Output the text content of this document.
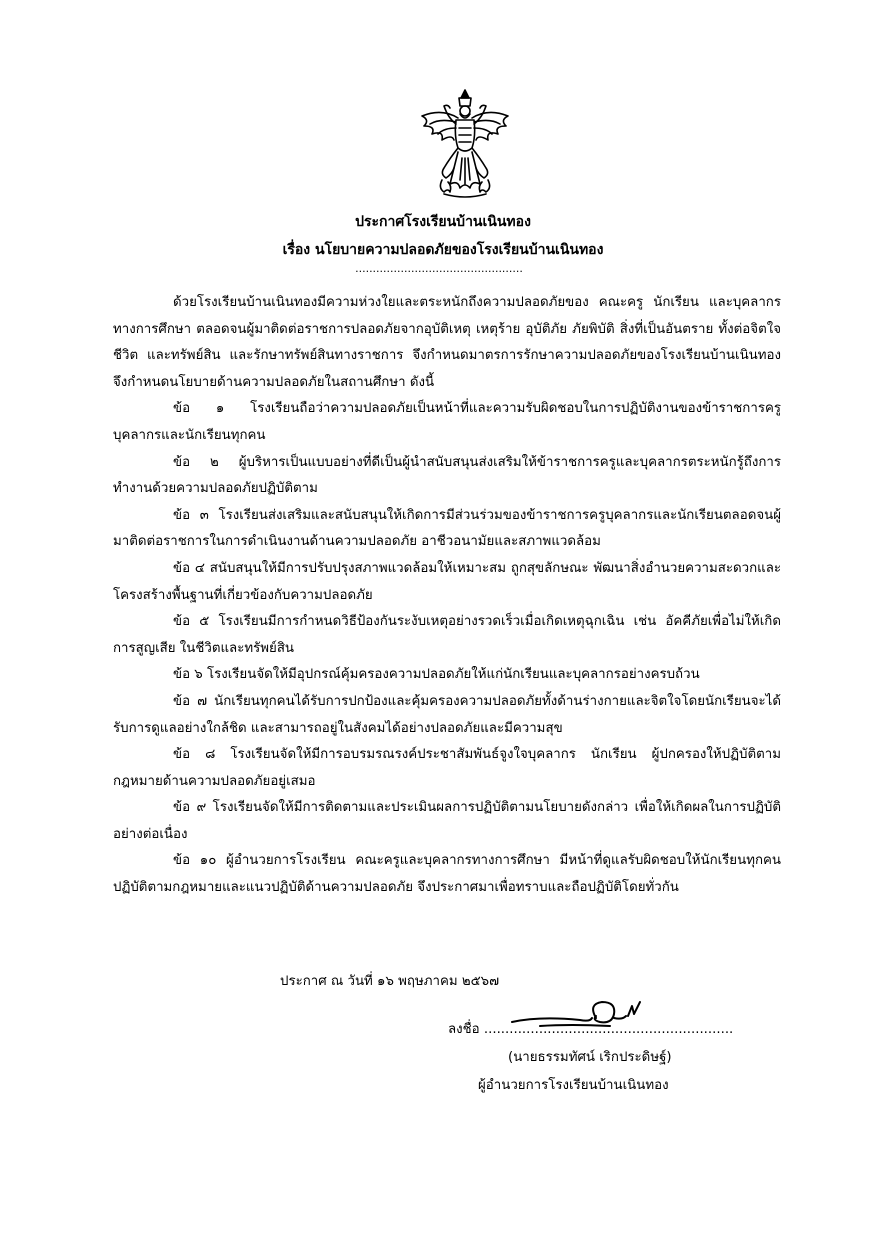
ประกาศโรงเรียนบ้านเนินทอง
เรื่อง นโยบายความปลอดภัยของโรงเรียนบ้านเนินทอง
................................................

ด้วยโรงเรียนบ้านเนินทองมีความห่วงใยและตระหนักถึงความปลอดภัยของ คณะครู นักเรียน และบุคลากรทางการศึกษา ตลอดจนผู้มาติดต่อราชการปลอดภัยจากอุบัติเหตุ เหตุร้าย อุบัติภัย ภัยพิบัติ สิ่งที่เป็นอันตราย ทั้งต่อจิตใจ ชีวิต และทรัพย์สิน และรักษาทรัพย์สินทางราชการ จึงกำหนดมาตรการรักษาความปลอดภัยของโรงเรียนบ้านเนินทอง จึงกำหนดนโยบายด้านความปลอดภัยในสถานศึกษา ดังนี้

ข้อ ๑ โรงเรียนถือว่าความปลอดภัยเป็นหน้าที่และความรับผิดชอบในการปฏิบัติงานของข้าราชการครูบุคลากรและนักเรียนทุกคน

ข้อ ๒ ผู้บริหารเป็นแบบอย่างที่ดีเป็นผู้นำสนับสนุนส่งเสริมให้ข้าราชการครูและบุคลากรตระหนักรู้ถึงการทำงานด้วยความปลอดภัยปฏิบัติตาม

ข้อ ๓ โรงเรียนส่งเสริมและสนับสนุนให้เกิดการมีส่วนร่วมของข้าราชการครูบุคลากรและนักเรียนตลอดจนผู้มาติดต่อราชการในการดำเนินงานด้านความปลอดภัย อาชีวอนามัยและสภาพแวดล้อม

ข้อ ๔ สนับสนุนให้มีการปรับปรุงสภาพแวดล้อมให้เหมาะสม ถูกสุขลักษณะ พัฒนาสิ่งอำนวยความสะดวกและโครงสร้างพื้นฐานที่เกี่ยวข้องกับความปลอดภัย

ข้อ ๕ โรงเรียนมีการกำหนดวิธีป้องกันระงับเหตุอย่างรวดเร็วเมื่อเกิดเหตุฉุกเฉิน เช่น อัคคีภัยเพื่อไม่ให้เกิดการสูญเสีย ในชีวิตและทรัพย์สิน

ข้อ ๖ โรงเรียนจัดให้มีอุปกรณ์คุ้มครองความปลอดภัยให้แก่นักเรียนและบุคลากรอย่างครบถ้วน

ข้อ ๗ นักเรียนทุกคนได้รับการปกป้องและคุ้มครองความปลอดภัยทั้งด้านร่างกายและจิตใจโดยนักเรียนจะได้รับการดูแลอย่างใกล้ชิด และสามารถอยู่ในสังคมได้อย่างปลอดภัยและมีความสุข

ข้อ ๘ โรงเรียนจัดให้มีการอบรมรณรงค์ประชาสัมพันธ์จูงใจบุคลากร นักเรียน ผู้ปกครองให้ปฏิบัติตามกฎหมายด้านความปลอดภัยอยู่เสมอ

ข้อ ๙ โรงเรียนจัดให้มีการติดตามและประเมินผลการปฏิบัติตามนโยบายดังกล่าว เพื่อให้เกิดผลในการปฏิบัติอย่างต่อเนื่อง

ข้อ ๑๐ ผู้อำนวยการโรงเรียน คณะครูและบุคลากรทางการศึกษา มีหน้าที่ดูแลรับผิดชอบให้นักเรียนทุกคนปฏิบัติตามกฎหมายและแนวปฏิบัติด้านความปลอดภัย จึงประกาศมาเพื่อทราบและถือปฏิบัติโดยทั่วกัน

ประกาศ ณ วันที่ ๑๖ พฤษภาคม ๒๕๖๗
ลงชื่อ ...........................................................
(นายธรรมทัศน์ เริกประดิษฐ์)
ผู้อำนวยการโรงเรียนบ้านเนินทอง
